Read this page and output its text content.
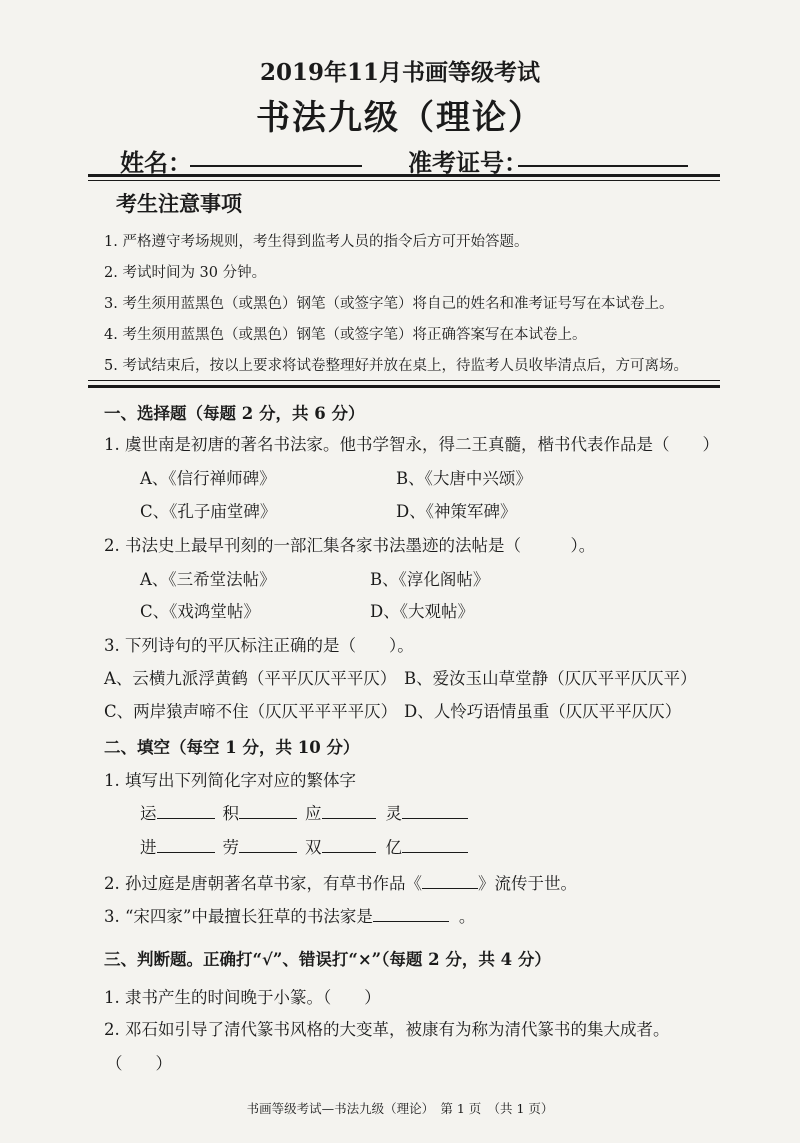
2019年11月书画等级考试
书法九级（理论）
姓名：	准考证号：
考生注意事项
1. 严格遵守考场规则，考生得到监考人员的指令后方可开始答题。
2. 考试时间为 30 分钟。
3. 考生须用蓝黑色（或黑色）钢笔（或签字笔）将自己的姓名和准考证号写在本试卷上。
4. 考生须用蓝黑色（或黑色）钢笔（或签字笔）将正确答案写在本试卷上。
5. 考试结束后，按以上要求将试卷整理好并放在桌上，待监考人员收毕清点后，方可离场。
一、选择题（每题 2 分，共 6 分）
1. 虞世南是初唐的著名书法家。他书学智永，得二王真髓，楷书代表作品是（　　）
A、《信行禅师碑》	B、《大唐中兴颂》
C、《孔子庙堂碑》	D、《神策军碑》
2. 书法史上最早刊刻的一部汇集各家书法墨迹的法帖是（　　　）。
A、《三希堂法帖》	B、《淳化阁帖》
C、《戏鸿堂帖》	D、《大观帖》
3. 下列诗句的平仄标注正确的是（　　）。
A、云横九派浮黄鹤（平平仄仄平平仄） B、爱汝玉山草堂静（仄仄平平仄仄平）
C、两岸猿声啼不住（仄仄平平平平仄） D、人怜巧语情虽重（仄仄平平仄仄）
二、填空（每空 1 分，共 10 分）
1. 填写出下列简化字对应的繁体字
运	积	应	灵
进	劳	双	亿
2. 孙过庭是唐朝著名草书家，有草书作品《	》流传于世。
3. “宋四家”中最擅长狂草的书法家是	。
三、判断题。正确打“√”、错误打“×”（每题 2 分，共 4 分）
1. 隶书产生的时间晚于小篆。（　　）
2. 邓石如引导了清代篆书风格的大变革，被康有为称为清代篆书的集大成者。
（　　）
书画等级考试—书法九级（理论）　第 1 页　（共 1 页）
